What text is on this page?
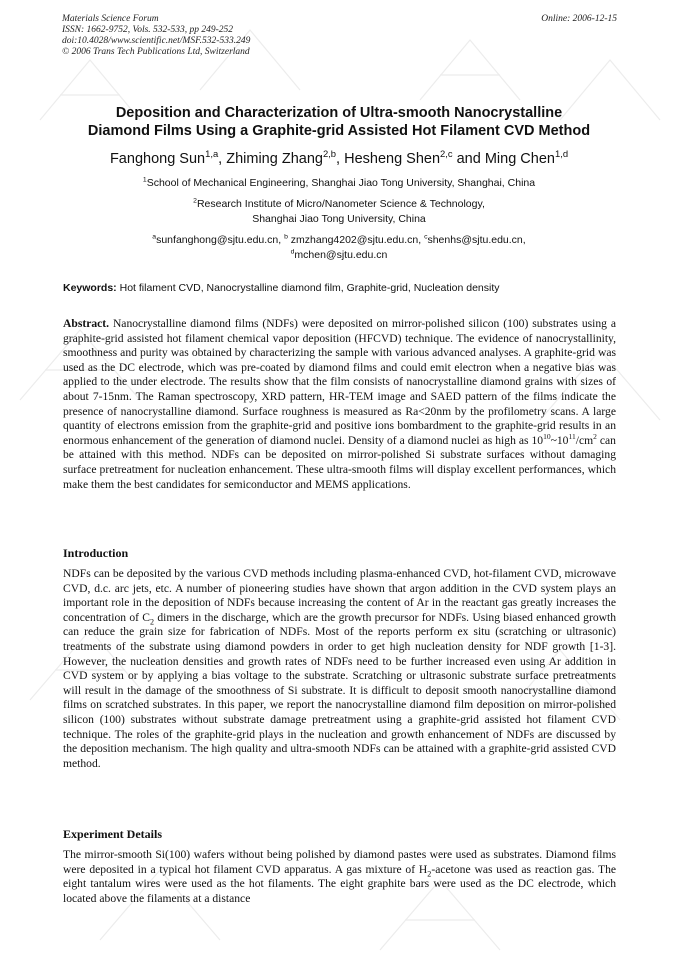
Materials Science Forum
ISSN: 1662-9752, Vols. 532-533, pp 249-252
doi:10.4028/www.scientific.net/MSF.532-533.249
© 2006 Trans Tech Publications Ltd, Switzerland
Online: 2006-12-15
Deposition and Characterization of Ultra-smooth Nanocrystalline
Diamond Films Using a Graphite-grid Assisted Hot Filament CVD Method
Fanghong Sun$^{1,a}$, Zhiming Zhang$^{2,b}$, Hesheng Shen$^{2,c}$ and Ming Chen$^{1,d}$
$^1$School of Mechanical Engineering, Shanghai Jiao Tong University, Shanghai, China
$^2$Research Institute of Micro/Nanometer Science & Technology,
Shanghai Jiao Tong University, China
$^a$sunfanghong@sjtu.edu.cn, $^b$ zmzhang4202@sjtu.edu.cn, $^c$shenhs@sjtu.edu.cn,
$^d$mchen@sjtu.edu.cn
Keywords: Hot filament CVD, Nanocrystalline diamond film, Graphite-grid, Nucleation density
Abstract. Nanocrystalline diamond films (NDFs) were deposited on mirror-polished silicon (100) substrates using a graphite-grid assisted hot filament chemical vapor deposition (HFCVD) technique. The evidence of nanocrystallinity, smoothness and purity was obtained by characterizing the sample with various advanced analyses. A graphite-grid was used as the DC electrode, which was pre-coated by diamond films and could emit electron when a negative bias was applied to the under electrode. The results show that the film consists of nanocrystalline diamond grains with sizes of about 7-15nm. The Raman spectroscopy, XRD pattern, HR-TEM image and SAED pattern of the films indicate the presence of nanocrystalline diamond. Surface roughness is measured as Ra<20nm by the profilometry scans. A large quantity of electrons emission from the graphite-grid and positive ions bombardment to the graphite-grid results in an enormous enhancement of the generation of diamond nuclei. Density of a diamond nuclei as high as $10^{10}\sim 10^{11}/cm^2$ can be attained with this method. NDFs can be deposited on mirror-polished Si substrate surfaces without damaging surface pretreatment for nucleation enhancement. These ultra-smooth films will display excellent performances, which make them the best candidates for semiconductor and MEMS applications.
Introduction
NDFs can be deposited by the various CVD methods including plasma-enhanced CVD, hot-filament CVD, microwave CVD, d.c. arc jets, etc. A number of pioneering studies have shown that argon addition in the CVD system plays an important role in the deposition of NDFs because increasing the content of Ar in the reactant gas greatly increases the concentration of $C_2$ dimers in the discharge, which are the growth precursor for NDFs. Using biased enhanced growth can reduce the grain size for fabrication of NDFs. Most of the reports perform ex situ (scratching or ultrasonic) treatments of the substrate using diamond powders in order to get high nucleation density for NDF growth [1-3]. However, the nucleation densities and growth rates of NDFs need to be further increased even using Ar addition in CVD system or by applying a bias voltage to the substrate. Scratching or ultrasonic substrate surface pretreatments will result in the damage of the smoothness of Si substrate. It is difficult to deposit smooth nanocrystalline diamond films on scratched substrates. In this paper, we report the nanocrystalline diamond film deposition on mirror-polished silicon (100) substrates without substrate damage pretreatment using a graphite-grid assisted hot filament CVD technique. The roles of the graphite-grid plays in the nucleation and growth enhancement of NDFs are discussed by the deposition mechanism. The high quality and ultra-smooth NDFs can be attained with a graphite-grid assisted CVD method.
Experiment Details
The mirror-smooth Si(100) wafers without being polished by diamond pastes were used as substrates. Diamond films were deposited in a typical hot filament CVD apparatus. A gas mixture of $H_2$-acetone was used as reaction gas. The eight tantalum wires were used as the hot filaments. The eight graphite bars were used as the DC electrode, which located above the filaments at a distance
